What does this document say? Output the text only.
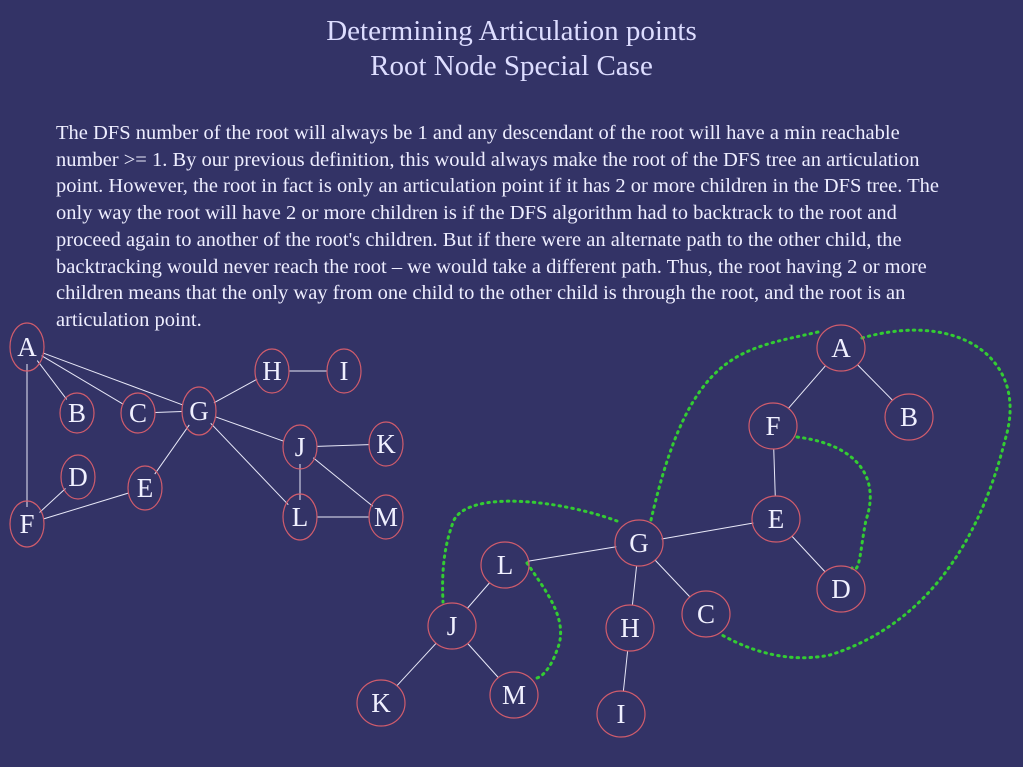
Determining Articulation points
Root Node Special Case

The DFS number of the root will always be 1 and any descendant of the root will have a min reachable number >= 1. By our previous definition, this would always make the root of the DFS tree an articulation point. However, the root in fact is only an articulation point if it has 2 or more children in the DFS tree. The only way the root will have 2 or more children is if the DFS algorithm had to backtrack to the root and proceed again to another of the root's children. But if there were an alternate path to the other child, the backtracking would never reach the root – we would take a different path. Thus, the root having 2 or more children means that the only way from one child to the other child is through the root, and the root is an articulation point.

A
B C G
H I
J	K
D E
F	L M
A
B
F
E
D
G
C
H
I
L
J
K	M
